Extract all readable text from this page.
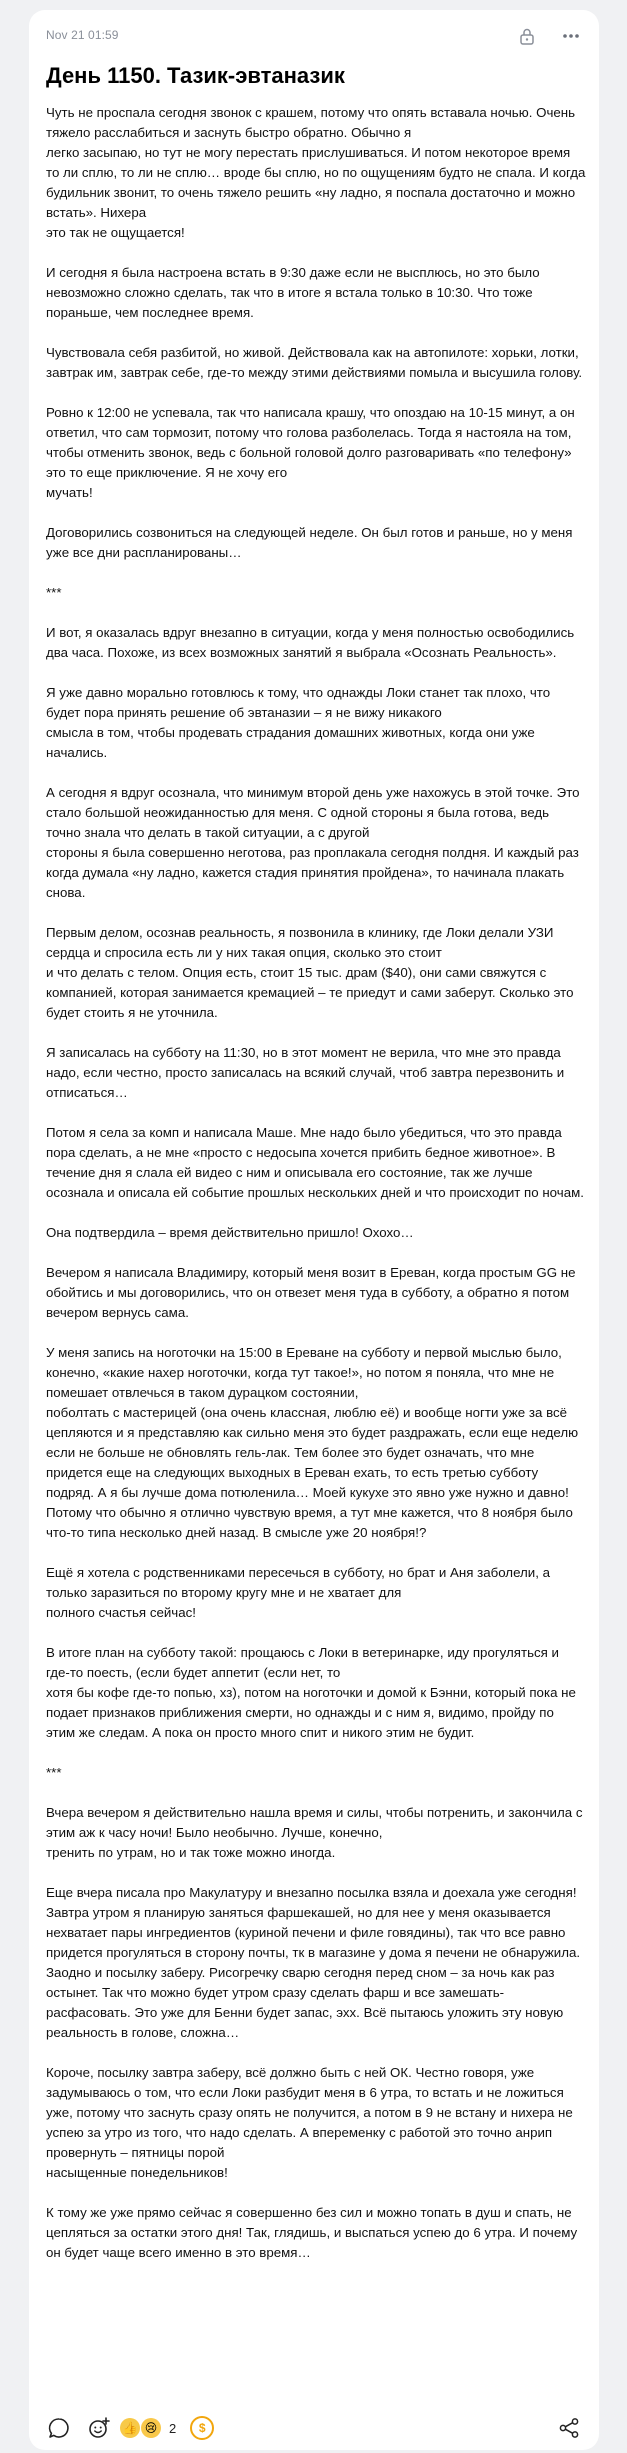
Nov 21 01:59
День 1150. Тазик-эвтаназик

Чуть не проспала сегодня звонок с крашем, потому что опять вставала ночью. Очень тяжело расслабиться и заснуть быстро обратно. Обычно я
легко засыпаю, но тут не могу перестать прислушиваться. И потом некоторое время то ли сплю, то ли не сплю… вроде бы сплю, но по ощущениям будто не спала. И когда будильник звонит, то очень тяжело решить «ну ладно, я поспала достаточно и можно встать». Нихера
это так не ощущается!

И сегодня я была настроена встать в 9:30 даже если не высплюсь, но это было невозможно сложно сделать, так что в итоге я встала только в 10:30. Что тоже пораньше, чем последнее время.

Чувствовала себя разбитой, но живой. Действовала как на автопилоте: хорьки, лотки, завтрак им, завтрак себе, где-то между этими действиями помыла и высушила голову.

Ровно к 12:00 не успевала, так что написала крашу, что опоздаю на 10-15 минут, а он ответил, что сам тормозит, потому что голова разболелась. Тогда я настояла на том, чтобы отменить звонок, ведь с больной головой долго разговаривать «по телефону» это то еще приключение. Я не хочу его
мучать!

Договорились созвониться на следующей неделе. Он был готов и раньше, но у меня уже все дни распланированы…

***

И вот, я оказалась вдруг внезапно в ситуации, когда у меня полностью освободились два часа. Похоже, из всех возможных занятий я выбрала «Осознать Реальность».

Я уже давно морально готовлюсь к тому, что однажды Локи станет так плохо, что будет пора принять решение об эвтаназии – я не вижу никакого
смысла в том, чтобы продевать страдания домашних животных, когда они уже начались.

А сегодня я вдруг осознала, что минимум второй день уже нахожусь в этой точке. Это стало большой неожиданностью для меня. С одной стороны я была готова, ведь точно знала что делать в такой ситуации, а с другой
стороны я была совершенно неготова, раз проплакала сегодня полдня. И каждый раз когда думала «ну ладно, кажется стадия принятия пройдена», то начинала плакать снова.

Первым делом, осознав реальность, я позвонила в клинику, где Локи делали УЗИ сердца и спросила есть ли у них такая опция, сколько это стоит
и что делать с телом. Опция есть, стоит 15 тыс. драм ($40), они сами свяжутся с компанией, которая занимается кремацией – те приедут и сами заберут. Сколько это будет стоить я не уточнила.

Я записалась на субботу на 11:30, но в этот момент не верила, что мне это правда надо, если честно, просто записалась на всякий случай, чтоб завтра перезвонить и отписаться…

Потом я села за комп и написала Маше. Мне надо было убедиться, что это правда пора сделать, а не мне «просто с недосыпа хочется прибить бедное животное». В течение дня я слала ей видео с ним и описывала его состояние, так же лучше осознала и описала ей событие прошлых нескольких дней и что происходит по ночам.

Она подтвердила – время действительно пришло! Охохо…

Вечером я написала Владимиру, который меня возит в Ереван, когда простым GG не обойтись и мы договорились, что он отвезет меня туда в субботу, а обратно я потом вечером вернусь сама.

У меня запись на ноготочки на 15:00 в Ереване на субботу и первой мыслью было, конечно, «какие нахер ноготочки, когда тут такое!», но потом я поняла, что мне не помешает отвлечься в таком дурацком состоянии,
поболтать с мастерицей (она очень классная, люблю её) и вообще ногти уже за всё цепляются и я представляю как сильно меня это будет раздражать, если еще неделю если не больше не обновлять гель-лак. Тем более это будет означать, что мне придется еще на следующих выходных в Ереван ехать, то есть третью субботу подряд. А я бы лучше дома потюленила… Моей кукухе это явно уже нужно и давно! Потому что обычно я отлично чувствую время, а тут мне кажется, что 8 ноября было что-то типа несколько дней назад. В смысле уже 20 ноября!?

Ещё я хотела с родственниками пересечься в субботу, но брат и Аня заболели, а только заразиться по второму кругу мне и не хватает для
полного счастья сейчас!

В итоге план на субботу такой: прощаюсь с Локи в ветеринарке, иду прогуляться и где-то поесть, (если будет аппетит (если нет, то
хотя бы кофе где-то попью, хз), потом на ноготочки и домой к Бэнни, который пока не подает признаков приближения смерти, но однажды и с ним я, видимо, пройду по этим же следам. А пока он просто много спит и никого этим не будит.

***

Вчера вечером я действительно нашла время и силы, чтобы потренить, и закончила с этим аж к часу ночи! Было необычно. Лучше, конечно,
тренить по утрам, но и так тоже можно иногда.

Еще вчера писала про Макулатуру и внезапно посылка взяла и доехала уже сегодня! Завтра утром я планирую заняться фаршекашей, но для нее у меня оказывается нехватает пары ингредиентов (куриной печени и филе говядины), так что все равно придется прогуляться в сторону почты, тк в магазине у дома я печени не обнаружила. Заодно и посылку заберу. Рисогречку сварю сегодня перед сном – за ночь как раз остынет. Так что можно будет утром сразу сделать фарш и все замешать-расфасовать. Это уже для Бенни будет запас, эхх. Всё пытаюсь уложить эту новую реальность в голове, сложна…

Короче, посылку завтра заберу, всё должно быть с ней ОК. Честно говоря, уже задумываюсь о том, что если Локи разбудит меня в 6 утра, то встать и не ложиться уже, потому что заснуть сразу опять не получится, а потом в 9 не встану и нихера не успею за утро из того, что надо сделать. А впеременку с работой это точно анрип провернуть – пятницы порой
насыщенные понедельников!

К тому же уже прямо сейчас я совершенно без сил и можно топать в душ и спать, не цепляться за остатки этого дня! Так, глядишь, и выспаться успею до 6 утра. И почему он будет чаще всего именно в это время…

👍 😢 2	$
